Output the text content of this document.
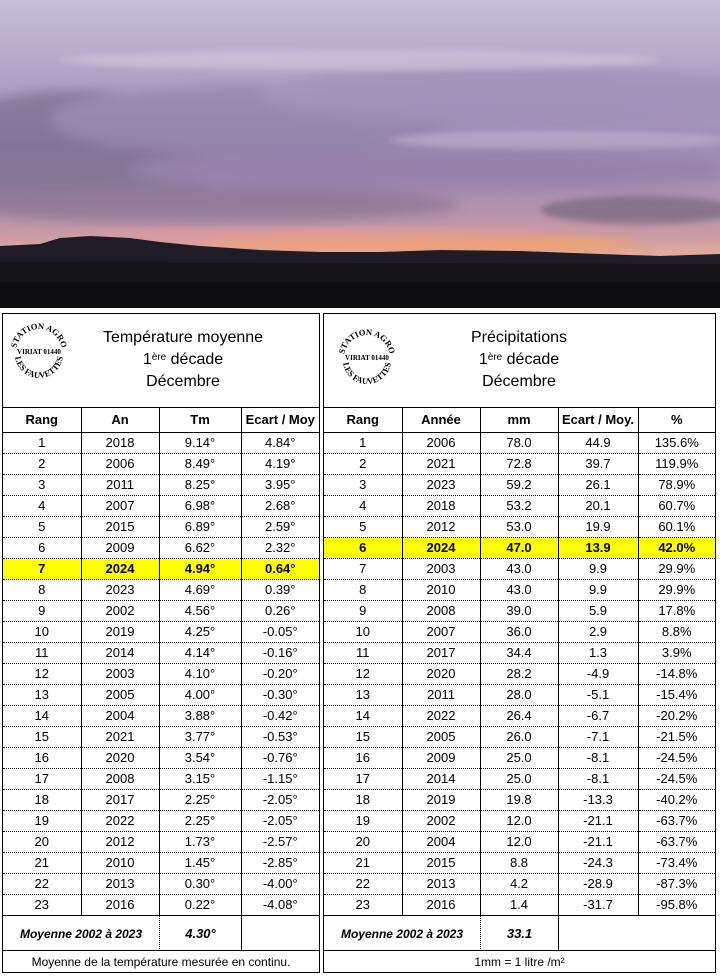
STATION AGRO
VIRIAT 01440
LES FAUVETTES
Température moyenne
1ère décade
Décembre
Rang	An	Tm	Ecart / Moy
1	2018	9.14°	4.84°
2	2006	8.49°	4.19°
3	2011	8.25°	3.95°
4	2007	6.98°	2.68°
5	2015	6.89°	2.59°
6	2009	6.62°	2.32°
7	2024	4.94°	0.64°
8	2023	4.69°	0.39°
9	2002	4.56°	0.26°
10	2019	4.25°	-0.05°
11	2014	4.14°	-0.16°
12	2003	4.10°	-0.20°
13	2005	4.00°	-0.30°
14	2004	3.88°	-0.42°
15	2021	3.77°	-0.53°
16	2020	3.54°	-0.76°
17	2008	3.15°	-1.15°
18	2017	2.25°	-2.05°
19	2022	2.25°	-2.05°
20	2012	1.73°	-2.57°
21	2010	1.45°	-2.85°
22	2013	0.30°	-4.00°
23	2016	0.22°	-4.08°
Moyenne 2002 à 2023	4.30°
Moyenne de la température mesurée en continu.
STATION AGRO
VIRIAT 01440
LES FAUVETTES
Précipitations
1ère décade
Décembre
Rang	Année	mm	Ecart / Moy.	%
1	2006	78.0	44.9	135.6%
2	2021	72.8	39.7	119.9%
3	2023	59.2	26.1	78.9%
4	2018	53.2	20.1	60.7%
5	2012	53.0	19.9	60.1%
6	2024	47.0	13.9	42.0%
7	2003	43.0	9.9	29.9%
8	2010	43.0	9.9	29.9%
9	2008	39.0	5.9	17.8%
10	2007	36.0	2.9	8.8%
11	2017	34.4	1.3	3.9%
12	2020	28.2	-4.9	-14.8%
13	2011	28.0	-5.1	-15.4%
14	2022	26.4	-6.7	-20.2%
15	2005	26.0	-7.1	-21.5%
16	2009	25.0	-8.1	-24.5%
17	2014	25.0	-8.1	-24.5%
18	2019	19.8	-13.3	-40.2%
19	2002	12.0	-21.1	-63.7%
20	2004	12.0	-21.1	-63.7%
21	2015	8.8	-24.3	-73.4%
22	2013	4.2	-28.9	-87.3%
23	2016	1.4	-31.7	-95.8%
Moyenne 2002 à 2023	33.1
1mm = 1 litre /m²
